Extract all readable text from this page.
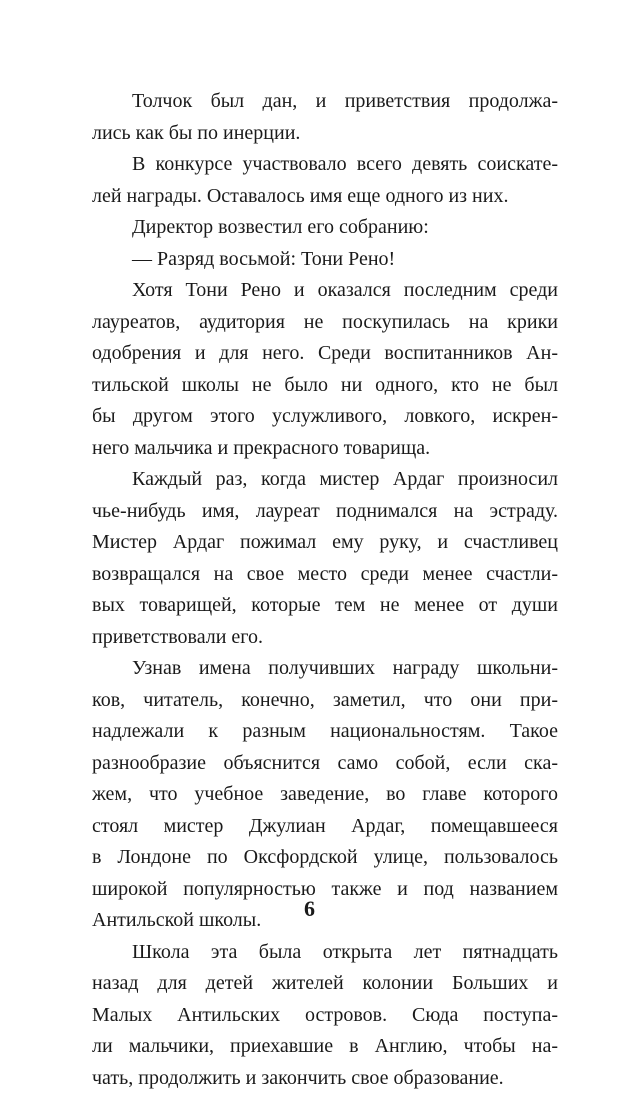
Толчок был дан, и приветствия продолжа-
лись как бы по инерции.
В конкурсе участвовало всего девять соискате-
лей награды. Оставалось имя еще одного из них.
Директор возвестил его собранию:
— Разряд восьмой: Тони Рено!
Хотя Тони Рено и оказался последним среди
лауреатов, аудитория не поскупилась на крики
одобрения и для него. Среди воспитанников Ан-
тильской школы не было ни одного, кто не был
бы другом этого услужливого, ловкого, искрен-
него мальчика и прекрасного товарища.
Каждый раз, когда мистер Ардаг произносил
чье-нибудь имя, лауреат поднимался на эстраду.
Мистер Ардаг пожимал ему руку, и счастливец
возвращался на свое место среди менее счастли-
вых товарищей, которые тем не менее от души
приветствовали его.
Узнав имена получивших награду школьни-
ков, читатель, конечно, заметил, что они при-
надлежали к разным национальностям. Такое
разнообразие объяснится само собой, если ска-
жем, что учебное заведение, во главе которого
стоял мистер Джулиан Ардаг, помещавшееся
в Лондоне по Оксфордской улице, пользовалось
широкой популярностью также и под названием
Антильской школы.
Школа эта была открыта лет пятнадцать
назад для детей жителей колонии Больших и
Малых Антильских островов. Сюда поступа-
ли мальчики, приехавшие в Англию, чтобы на-
чать, продолжить и закончить свое образование.
6
